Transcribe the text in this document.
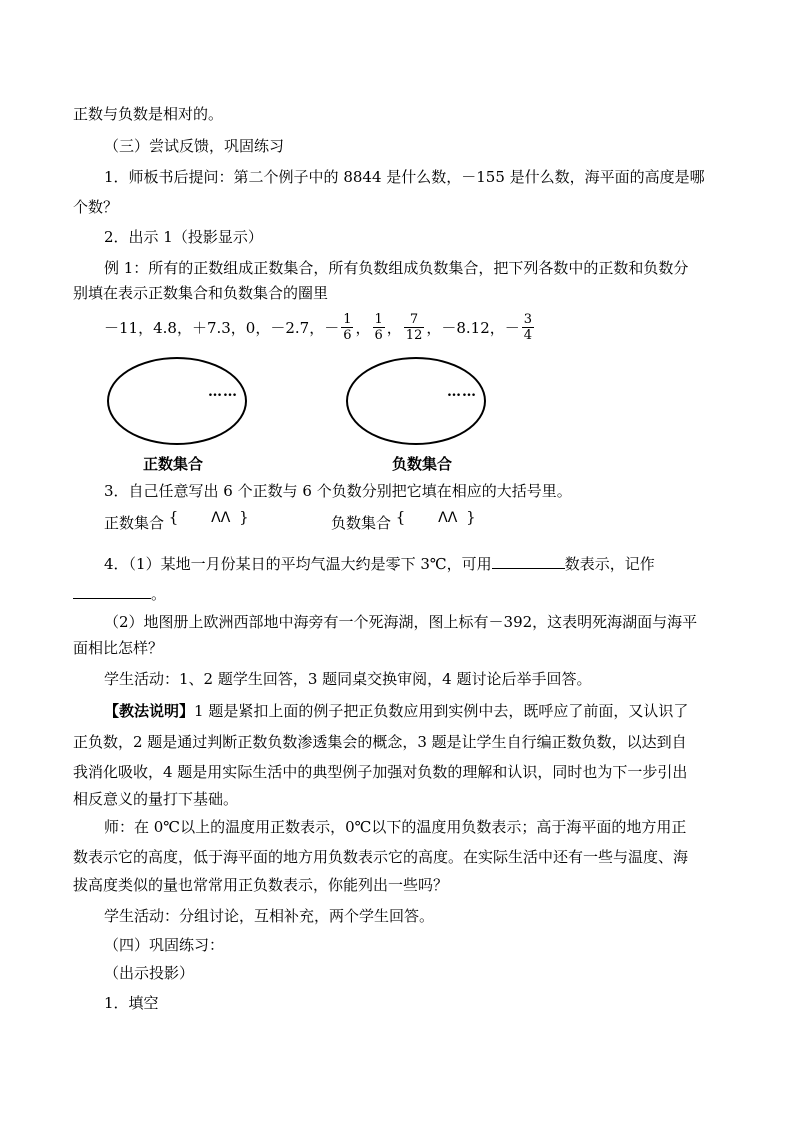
正数与负数是相对的。
（三）尝试反馈，巩固练习
1．师板书后提问：第二个例子中的 8844 是什么数，－155 是什么数，海平面的高度是哪
个数？
2．出示 1（投影显示）
例 1：所有的正数组成正数集合，所有负数组成负数集合，把下列各数中的正数和负数分
别填在表示正数集合和负数集合的圈里
－11，4.8，＋7.3，0，－2.7，－ $\frac{1}{6}$ ， $\frac{1}{6}$ ， $\frac{7}{12}$ ，－8.12，－ $\frac{3}{4}$
……
正数集合
……
负数集合
3．自己任意写出 6 个正数与 6 个负数分别把它填在相应的大括号里。
正数集合 { ΛΛ }	负数集合 { ΛΛ }
4．（1）某地一月份某日的平均气温大约是零下 3℃，可用	数表示，记作
。
（2）地图册上欧洲西部地中海旁有一个死海湖，图上标有－392，这表明死海湖面与海平
面相比怎样？
学生活动：1、2 题学生回答，3 题同桌交换审阅，4 题讨论后举手回答。
【教法说明】1 题是紧扣上面的例子把正负数应用到实例中去，既呼应了前面，又认识了
正负数，2 题是通过判断正数负数渗透集会的概念，3 题是让学生自行编正数负数，以达到自
我消化吸收，4 题是用实际生活中的典型例子加强对负数的理解和认识，同时也为下一步引出
相反意义的量打下基础。
师：在 0℃以上的温度用正数表示，0℃以下的温度用负数表示；高于海平面的地方用正
数表示它的高度，低于海平面的地方用负数表示它的高度。在实际生活中还有一些与温度、海
拔高度类似的量也常常用正负数表示，你能列出一些吗？
学生活动：分组讨论，互相补充，两个学生回答。
（四）巩固练习：
（出示投影）
1．填空
